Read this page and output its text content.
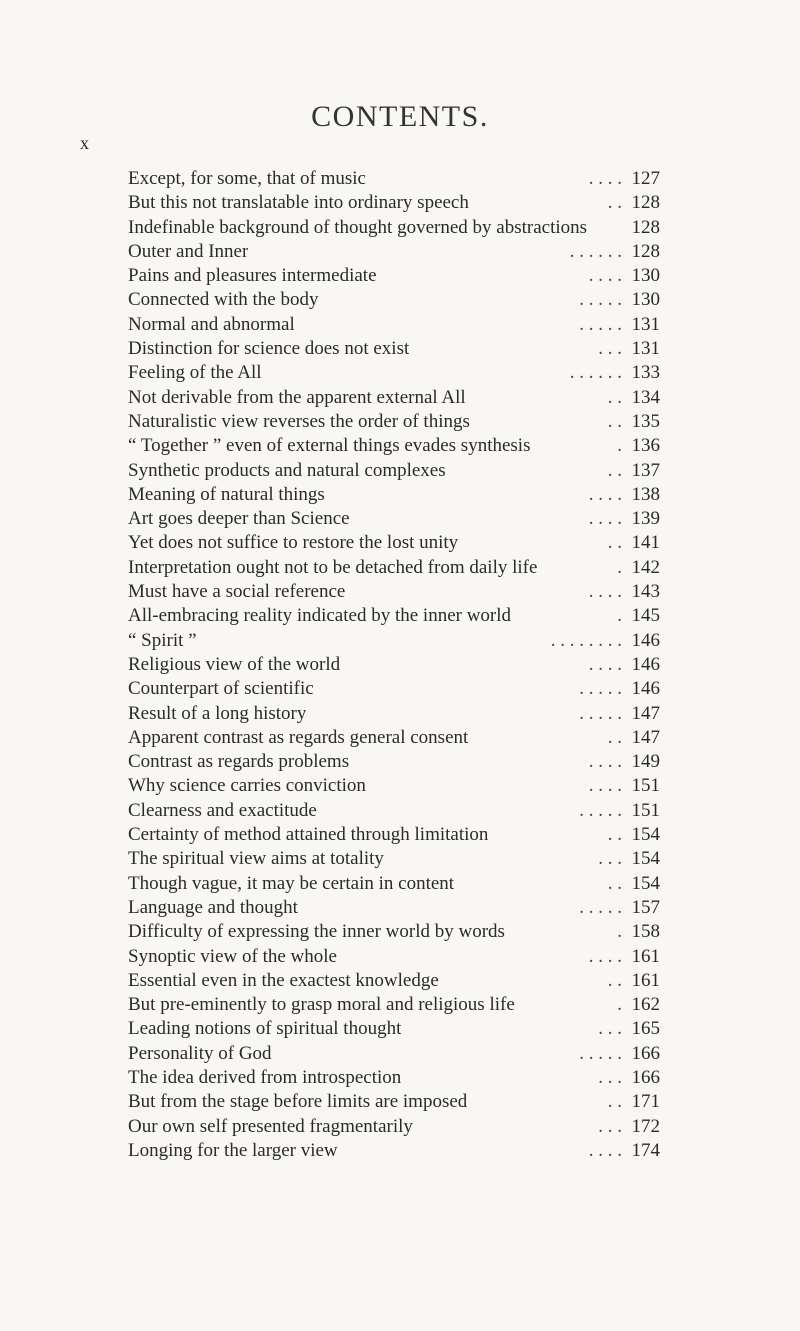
x
CONTENTS.
Except, for some, that of music	. . . . 127
But this not translatable into ordinary speech	. . 128
Indefinable background of thought governed by abstractions 128
Outer and Inner	. . . . . . 128
Pains and pleasures intermediate	. . . . 130
Connected with the body	. . . . . 130
Normal and abnormal	. . . . . 131
Distinction for science does not exist	. . . 131
Feeling of the All	. . . . . . 133
Not derivable from the apparent external All	. . 134
Naturalistic view reverses the order of things	. . 135
“ Together ” even of external things evades synthesis	. 136
Synthetic products and natural complexes	. . 137
Meaning of natural things	. . . . 138
Art goes deeper than Science	. . . . 139
Yet does not suffice to restore the lost unity	. . 141
Interpretation ought not to be detached from daily life	. 142
Must have a social reference	. . . . 143
All-embracing reality indicated by the inner world	. 145
“ Spirit ”	. . . . . . . . 146
Religious view of the world	. . . . 146
Counterpart of scientific	. . . . . 146
Result of a long history	. . . . . 147
Apparent contrast as regards general consent	. . 147
Contrast as regards problems	. . . . 149
Why science carries conviction	. . . . 151
Clearness and exactitude	. . . . . 151
Certainty of method attained through limitation	. . 154
The spiritual view aims at totality	. . . 154
Though vague, it may be certain in content	. . 154
Language and thought	. . . . . 157
Difficulty of expressing the inner world by words	. 158
Synoptic view of the whole	. . . . 161
Essential even in the exactest knowledge	. . 161
But pre-eminently to grasp moral and religious life	. 162
Leading notions of spiritual thought	. . . 165
Personality of God	. . . . . 166
The idea derived from introspection	. . . 166
But from the stage before limits are imposed	. . 171
Our own self presented fragmentarily	. . . 172
Longing for the larger view	. . . . 174
